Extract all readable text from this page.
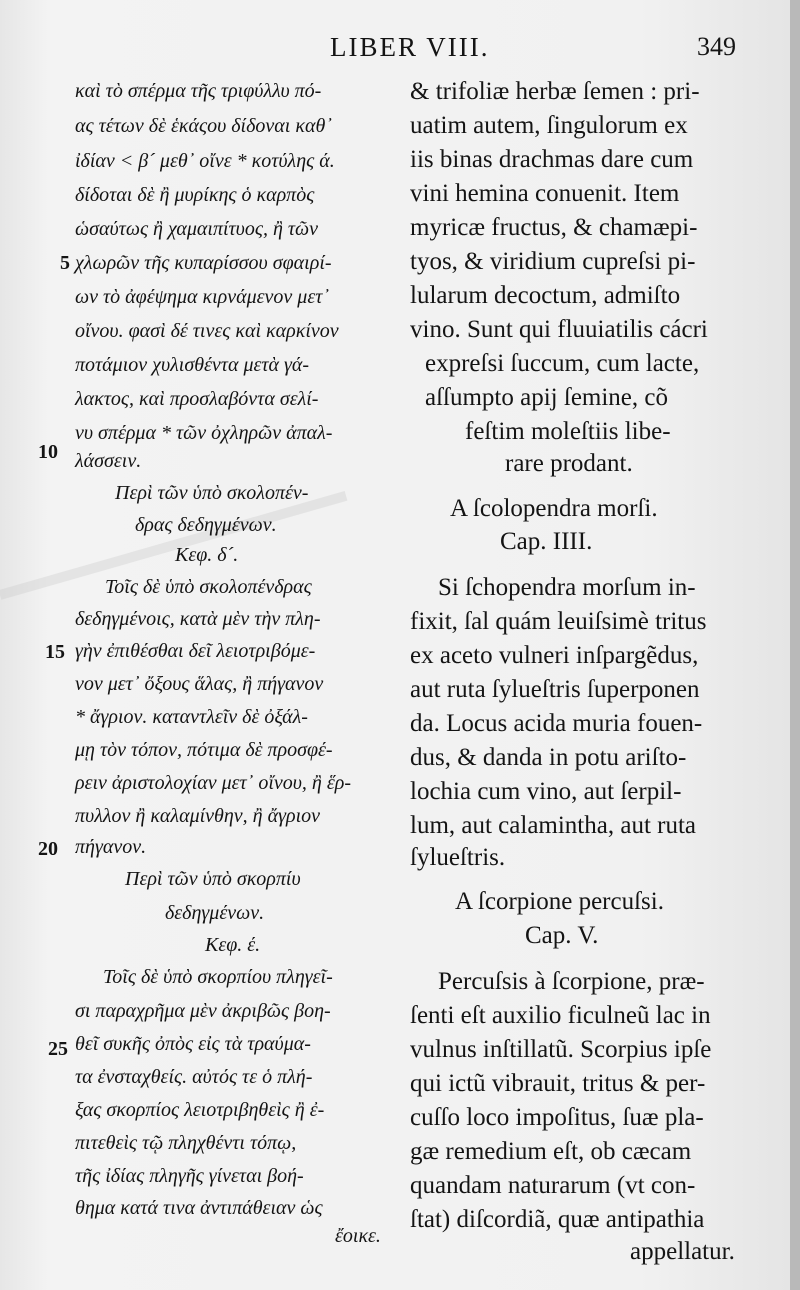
LIBER VIII.	349
καὶ τὸ σπέρμα τῆς τριφύλλυ πό-
ας τέτων δὲ ἑκάςου δίδοναι καθ᾽
ἰδίαν < β´ μεθ᾽ οἴνε * κοτύλης ά.
δίδοται δὲ ἢ μυρίκης ὁ καρπὸς
ὡσαύτως ἢ χαμαιπίτυος, ἢ τῶν
χλωρῶν τῆς κυπαρίσσου σφαιρί-
ων τὸ ἀφέψημα κιρνάμενον μετ᾽
οἴνου. φασὶ δέ τινες καὶ καρκίνον
ποτάμιον χυλισθέντα μετὰ γά-
λακτος, καὶ προσλαβόντα σελί-
νυ σπέρμα * τῶν ὀχληρῶν ἀπαλ-
λάσσειν.
Περὶ τῶν ὑπὸ σκολοπέν-
δρας δεδηγμένων.
Κεφ. δ´.
Τοῖς δὲ ὑπὸ σκολοπένδρας
δεδηγμένοις, κατὰ μὲν τὴν πλη-
γὴν ἐπιθέσθαι δεῖ λειοτριβόμε-
νον μετ᾽ ὄξους ἅλας, ἢ πήγανον
* ἄγριον. καταντλεῖν δὲ ὀξάλ-
μῃ τὸν τόπον, πότιμα δὲ προσφέ-
ρειν ἀριστολοχίαν μετ᾽ οἴνου, ἢ ἕρ-
πυλλον ἢ καλαμίνθην, ἢ ἄγριον
πήγανον.
Περὶ τῶν ὑπὸ σκορπίυ
δεδηγμένων.
Κεφ. έ.
Τοῖς δὲ ὑπὸ σκορπίου πληγεῖ-
σι παραχρῆμα μὲν ἀκριβῶς βοη-
θεῖ συκῆς ὀπὸς εἰς τὰ τραύμα-
τα ἐνσταχθείς. αὐτός τε ὁ πλή-
ξας σκορπίος λειοτριβηθεὶς ἢ ἐ-
πιτεθεὶς τῷ πληχθέντι τόπῳ,
τῆς ἰδίας πληγῆς γίνεται βοή-
θημα κατά τινα ἀντιπάθειαν ὡς
ἔοικε.
5
10
15
20
25
& trifoliæ herbæ ſemen : pri-
uatim autem, ſingulorum ex
iis binas drachmas dare cum
vini hemina conuenit. Item
myricæ fructus, & chamæpi-
tyos, & viridium cupreſsi pi-
lularum decoctum, admiſto
vino. Sunt qui fluuiatilis cácri
expreſsi ſuccum, cum lacte,
aſſumpto apij ſemine, cõ
feſtim moleſtiis libe-
rare prodant.
A ſcolopendra morſi.
Cap. IIII.
Si ſchopendra morſum in-
fixit, ſal quám leuiſsimè tritus
ex aceto vulneri inſpargẽdus,
aut ruta ſylueſtris ſuperponen
da. Locus acida muria fouen-
dus, & danda in potu ariſto-
lochia cum vino, aut ſerpil-
lum, aut calamintha, aut ruta
ſylueſtris.
A ſcorpione percuſsi.
Cap. V.
Percuſsis à ſcorpione, præ-
ſenti eſt auxilio ficulneũ lac in
vulnus inſtillatũ. Scorpius ipſe
qui ictũ vibrauit, tritus & per-
cuſſo loco impoſitus, ſuæ pla-
gæ remedium eſt, ob cæcam
quandam naturarum (vt con-
ſtat) diſcordiã, quæ antipathia
appellatur.
